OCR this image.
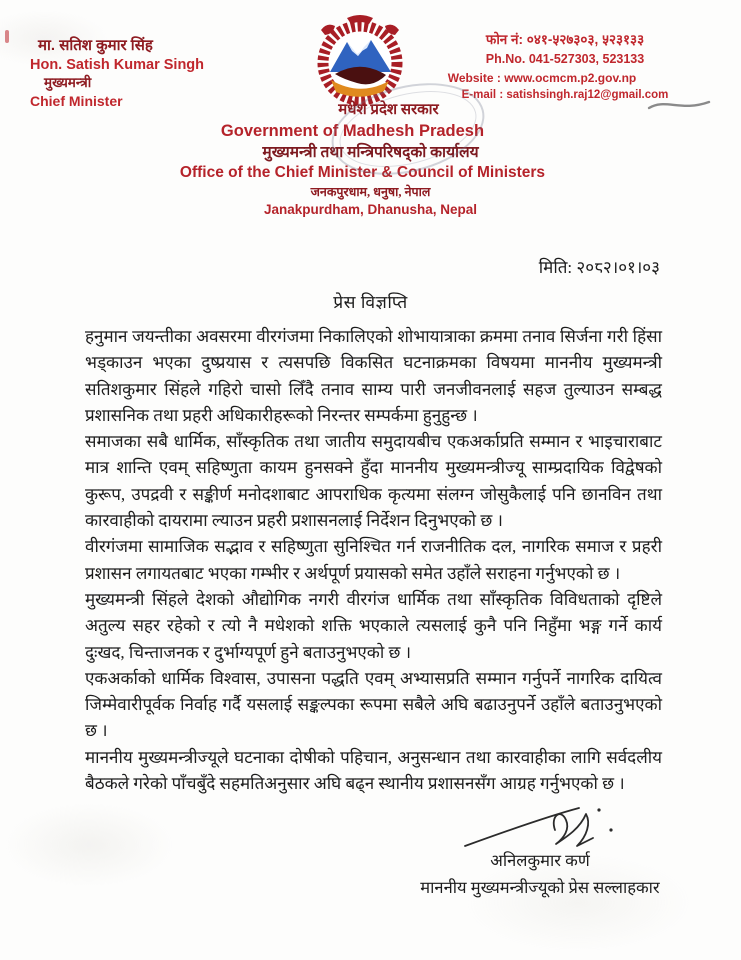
मा. सतिश कुमार सिंह
Hon. Satish Kumar Singh
मुख्यमन्त्री
Chief Minister
फोन नं: ०४१-५२७३०३, ५२३१३३
Ph.No. 041-527303, 523133
Website : www.ocmcm.p2.gov.np
E-mail : satishsingh.raj12@gmail.com
मधेश प्रदेश सरकार
Government of Madhesh Pradesh
मुख्यमन्त्री तथा मन्त्रिपरिषद्को कार्यालय
Office of the Chief Minister & Council of Ministers
जनकपुरधाम, धनुषा, नेपाल
Janakpurdham, Dhanusha, Nepal
मिति: २०८२।०१।०३
प्रेस विज्ञप्ति

हनुमान जयन्तीका अवसरमा वीरगंजमा निकालिएको शोभायात्राका क्रममा तनाव सिर्जना गरी हिंसा भड्काउन भएका दुष्प्रयास र त्यसपछि विकसित घटनाक्रमका विषयमा माननीय मुख्यमन्त्री सतिशकुमार सिंहले गहिरो चासो लिँदै तनाव साम्य पारी जनजीवनलाई सहज तुल्याउन सम्बद्ध प्रशासनिक तथा प्रहरी अधिकारीहरूको निरन्तर सम्पर्कमा हुनुहुन्छ ।

समाजका सबै धार्मिक, साँस्कृतिक तथा जातीय समुदायबीच एकअर्काप्रति सम्मान र भाइचाराबाट मात्र शान्ति एवम् सहिष्णुता कायम हुनसक्ने हुँदा माननीय मुख्यमन्त्रीज्यू साम्प्रदायिक विद्वेषको कुरूप, उपद्रवी र सङ्कीर्ण मनोदशाबाट आपराधिक कृत्यमा संलग्न जोसुकैलाई पनि छानविन तथा कारवाहीको दायरामा ल्याउन प्रहरी प्रशासनलाई निर्देशन दिनुभएको छ ।

वीरगंजमा सामाजिक सद्भाव र सहिष्णुता सुनिश्चित गर्न राजनीतिक दल, नागरिक समाज र प्रहरी प्रशासन लगायतबाट भएका गम्भीर र अर्थपूर्ण प्रयासको समेत उहाँले सराहना गर्नुभएको छ ।

मुख्यमन्त्री सिंहले देशको औद्योगिक नगरी वीरगंज धार्मिक तथा साँस्कृतिक विविधताको दृष्टिले अतुल्य सहर रहेको र त्यो नै मधेशको शक्ति भएकाले त्यसलाई कुनै पनि निहुँमा भङ्ग गर्ने कार्य दुःखद, चिन्ताजनक र दुर्भाग्यपूर्ण हुने बताउनुभएको छ ।

एकअर्काको धार्मिक विश्वास, उपासना पद्धति एवम् अभ्यासप्रति सम्मान गर्नुपर्ने नागरिक दायित्व जिम्मेवारीपूर्वक निर्वाह गर्दै यसलाई सङ्कल्पका रूपमा सबैले अघि बढाउनुपर्ने उहाँले बताउनुभएको छ ।

माननीय मुख्यमन्त्रीज्यूले घटनाका दोषीको पहिचान, अनुसन्धान तथा कारवाहीका लागि सर्वदलीय बैठकले गरेको पाँचबुँदे सहमतिअनुसार अघि बढ्न स्थानीय प्रशासनसँग आग्रह गर्नुभएको छ ।

अनिलकुमार कर्ण
माननीय मुख्यमन्त्रीज्यूको प्रेस सल्लाहकार
